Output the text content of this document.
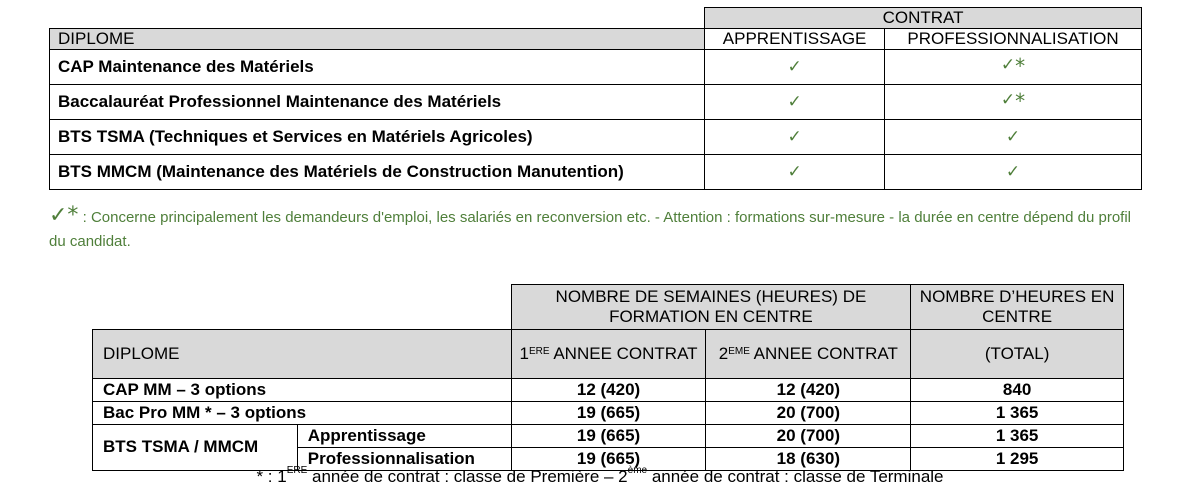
	CONTRAT	
DIPLOME	APPRENTISSAGE	PROFESSIONNALISATION
CAP Maintenance des Matériels	✓	✓*
Baccalauréat Professionnel Maintenance des Matériels	✓	✓*
BTS TSMA (Techniques et Services en Matériels Agricoles)	✓	✓
BTS MMCM (Maintenance des Matériels de Construction Manutention)	✓	✓
✓* : Concerne principalement les demandeurs d'emploi, les salariés en reconversion etc. - Attention : formations sur-mesure - la durée en centre dépend du profil du candidat.
		NOMBRE DE SEMAINES (HEURES) DE FORMATION EN CENTRE		NOMBRE D’HEURES EN CENTRE
DIPLOME		1ERE ANNEE CONTRAT	2EME ANNEE CONTRAT	(TOTAL)
CAP MM – 3 options		12 (420)	12 (420)	840
Bac Pro MM * – 3 options		19 (665)	20 (700)	1 365
BTS TSMA / MMCM	Apprentissage	19 (665)	20 (700)	1 365
	Professionnalisation	19 (665)	18 (630)	1 295
* : 1ERE année de contrat : classe de Première – 2ème année de contrat : classe de Terminale
